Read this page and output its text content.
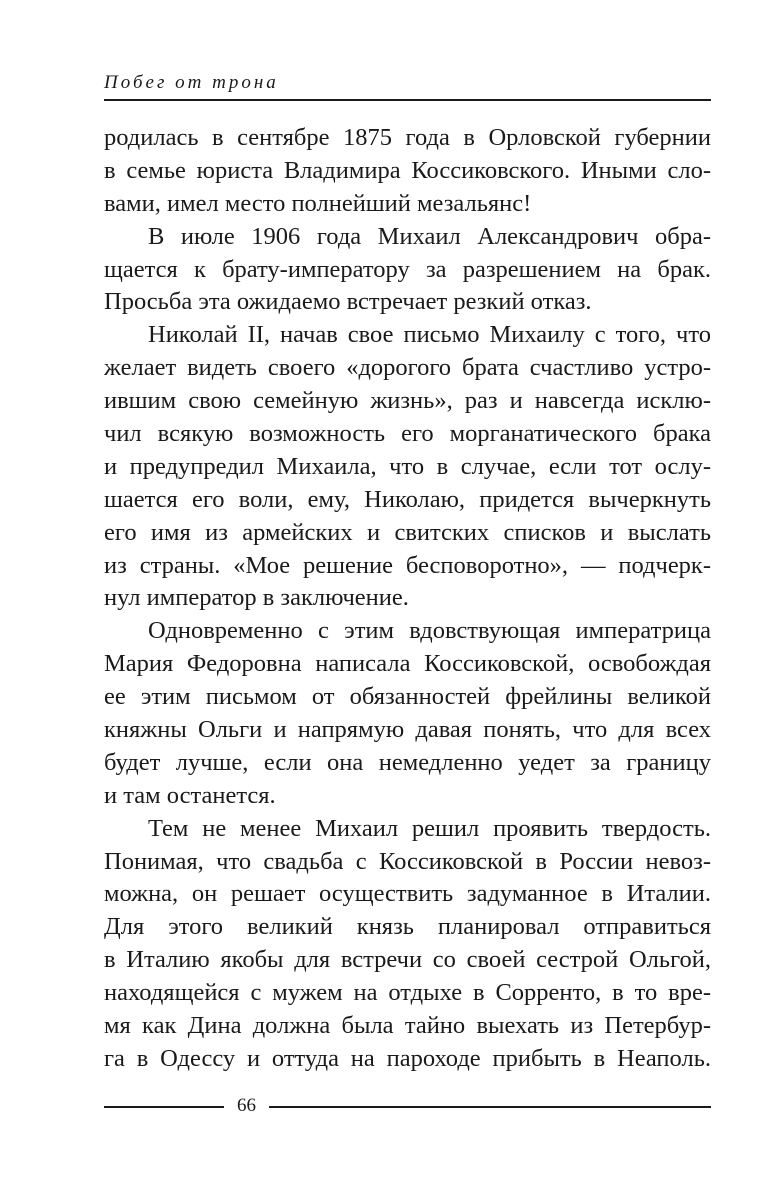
Побег от трона
родилась в сентябре 1875 года в Орловской губернии
в семье юриста Владимира Коссиковского. Иными сло-
вами, имел место полнейший мезальянс!
В июле 1906 года Михаил Александрович обра-
щается к брату-императору за разрешением на брак.
Просьба эта ожидаемо встречает резкий отказ.
Николай II, начав свое письмо Михаилу с того, что
желает видеть своего «дорогого брата счастливо устро-
ившим свою семейную жизнь», раз и навсегда исклю-
чил всякую возможность его морганатического брака
и предупредил Михаила, что в случае, если тот ослу-
шается его воли, ему, Николаю, придется вычеркнуть
его имя из армейских и свитских списков и выслать
из страны. «Мое решение бесповоротно», — подчерк-
нул император в заключение.
Одновременно с этим вдовствующая императрица
Мария Федоровна написала Коссиковской, освобождая
ее этим письмом от обязанностей фрейлины великой
княжны Ольги и напрямую давая понять, что для всех
будет лучше, если она немедленно уедет за границу
и там останется.
Тем не менее Михаил решил проявить твердость.
Понимая, что свадьба с Коссиковской в России невоз-
можна, он решает осуществить задуманное в Италии.
Для этого великий князь планировал отправиться
в Италию якобы для встречи со своей сестрой Ольгой,
находящейся с мужем на отдыхе в Сорренто, в то вре-
мя как Дина должна была тайно выехать из Петербур-
га в Одессу и оттуда на пароходе прибыть в Неаполь.
66
